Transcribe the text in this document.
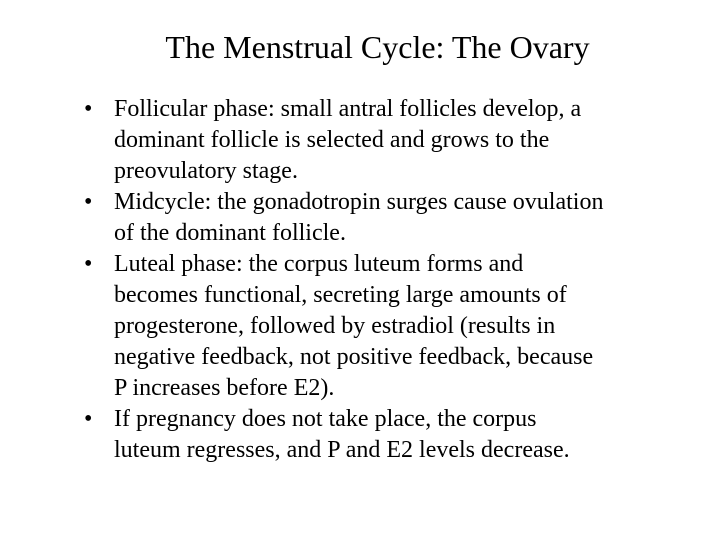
The Menstrual Cycle: The Ovary
• Follicular phase: small antral follicles develop, a
dominant follicle is selected and grows to the
preovulatory stage.
• Midcycle: the gonadotropin surges cause ovulation
of the dominant follicle.
• Luteal phase: the corpus luteum forms and
becomes functional, secreting large amounts of
progesterone, followed by estradiol (results in
negative feedback, not positive feedback, because
P increases before E2).
• If pregnancy does not take place, the corpus
luteum regresses, and P and E2 levels decrease.
